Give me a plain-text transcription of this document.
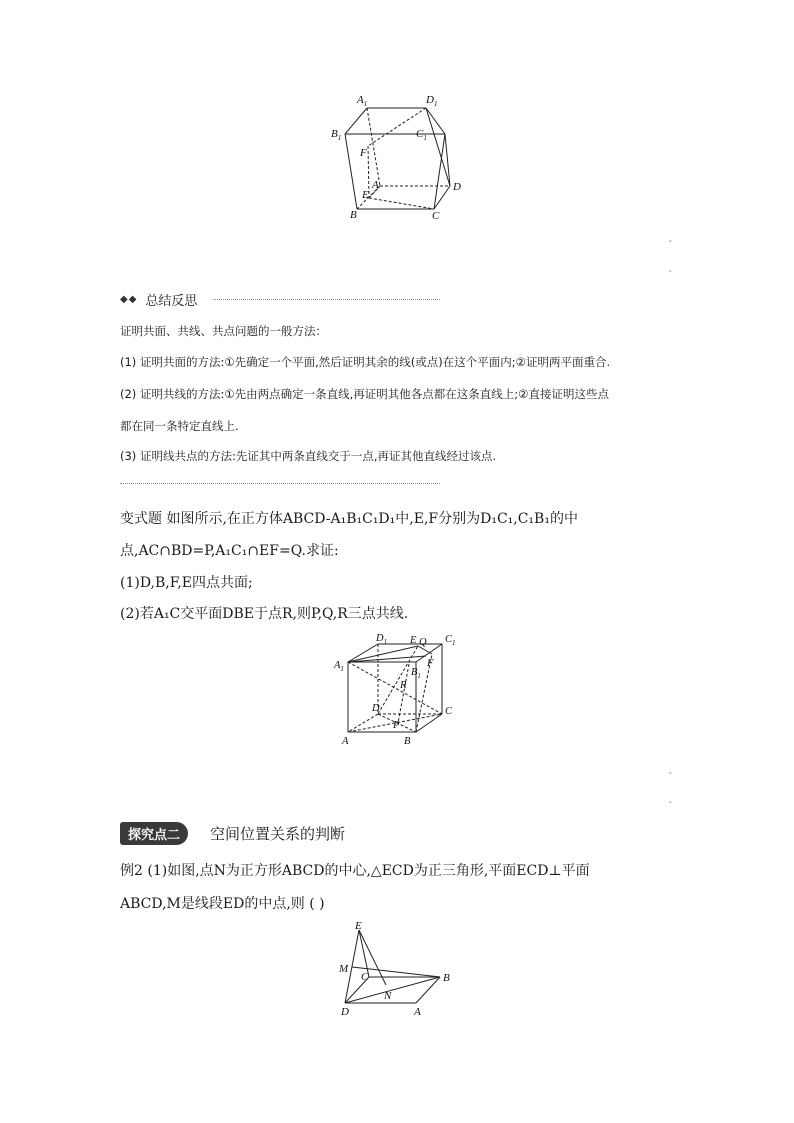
$A_1$	$D_1$
$B_1$	$C_1$
F
A	D
E
B	C
-
-
◆◆ 总结反思
证明共面、共线、共点问题的一般方法：
(1) 证明共面的方法:①先确定一个平面,然后证明其余的线(或点)在这个平面内;②证明两平面重合.
(2) 证明共线的方法:①先由两点确定一条直线,再证明其他各点都在这条直线上;②直接证明这些点
都在同一条特定直线上.
(3) 证明线共点的方法:先证其中两条直线交于一点,再证其他直线经过该点.
变式题 如图所示,在正方体ABCD-A₁B₁C₁D₁中,E,F分别为D₁C₁,C₁B₁的中
点,AC∩BD=P,A₁C₁∩EF=Q.求证:
(1)D,B,F,E四点共面;
(2)若A₁C交平面DBE于点R,则P,Q,R三点共线.
$D_1$ E Q $C_1$
$A_1$	F
$B_1$
R
D	C
P
A	B
-
-
探究点二	空间位置关系的判断
例2 (1)如图,点N为正方形ABCD的中心,△ECD为正三角形,平面ECD⊥平面
ABCD,M是线段ED的中点,则 ( )
E
M
C	B
N
D	A
